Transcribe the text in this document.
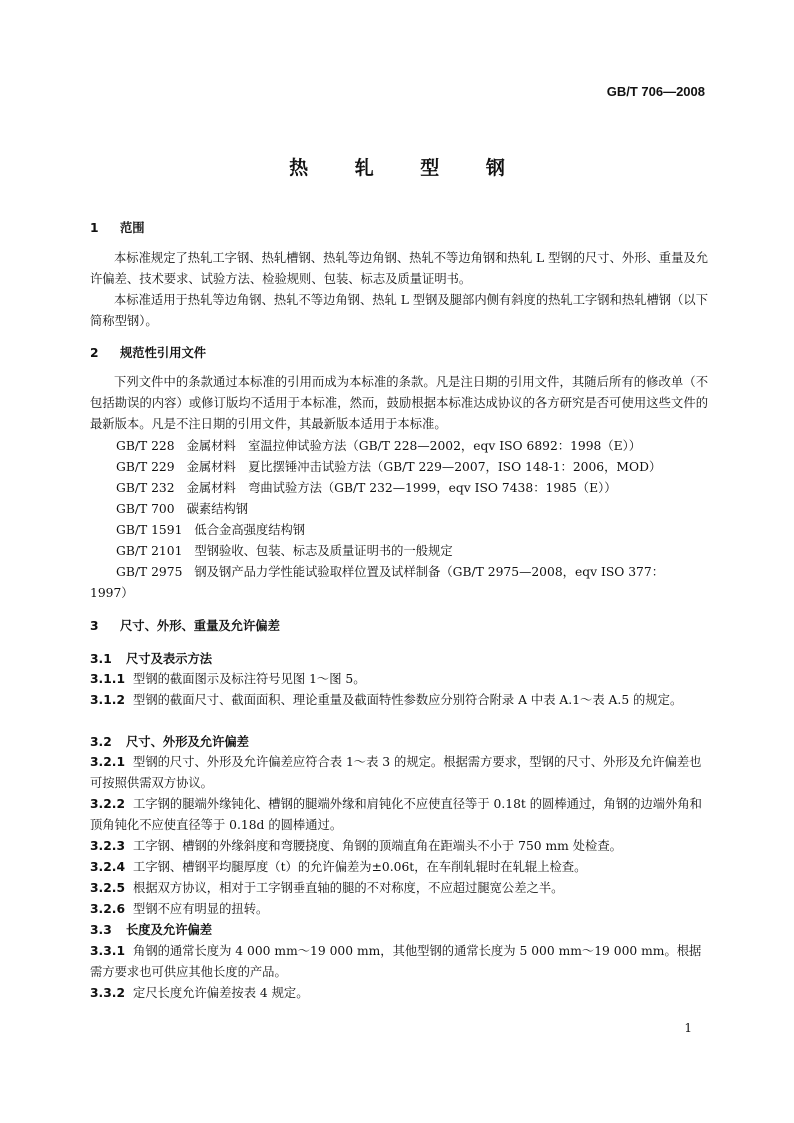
GB/T 706—2008
热 轧 型 钢
1 范围
本标准规定了热轧工字钢、热轧槽钢、热轧等边角钢、热轧不等边角钢和热轧 L 型钢的尺寸、外形、重量及允许偏差、技术要求、试验方法、检验规则、包装、标志及质量证明书。
本标准适用于热轧等边角钢、热轧不等边角钢、热轧 L 型钢及腿部内侧有斜度的热轧工字钢和热轧槽钢（以下简称型钢）。
2 规范性引用文件
下列文件中的条款通过本标准的引用而成为本标准的条款。凡是注日期的引用文件，其随后所有的修改单（不包括勘误的内容）或修订版均不适用于本标准，然而，鼓励根据本标准达成协议的各方研究是否可使用这些文件的最新版本。凡是不注日期的引用文件，其最新版本适用于本标准。
GB/T 228 金属材料　室温拉伸试验方法（GB/T 228—2002，eqv ISO 6892：1998（E））
GB/T 229 金属材料　夏比摆锤冲击试验方法（GB/T 229—2007，ISO 148-1：2006，MOD）
GB/T 232 金属材料　弯曲试验方法（GB/T 232—1999，eqv ISO 7438：1985（E））
GB/T 700 碳素结构钢
GB/T 1591 低合金高强度结构钢
GB/T 2101 型钢验收、包装、标志及质量证明书的一般规定
GB/T 2975 钢及钢产品力学性能试验取样位置及试样制备（GB/T 2975—2008，eqv ISO 377：
1997）
3 尺寸、外形、重量及允许偏差
3.1 尺寸及表示方法
3.1.1 型钢的截面图示及标注符号见图 1～图 5。
3.1.2 型钢的截面尺寸、截面面积、理论重量及截面特性参数应分别符合附录 A 中表 A.1～表 A.5 的规定。
3.2 尺寸、外形及允许偏差
3.2.1 型钢的尺寸、外形及允许偏差应符合表 1～表 3 的规定。根据需方要求，型钢的尺寸、外形及允许偏差也可按照供需双方协议。
3.2.2 工字钢的腿端外缘钝化、槽钢的腿端外缘和肩钝化不应使直径等于 0.18t 的圆棒通过，角钢的边端外角和顶角钝化不应使直径等于 0.18d 的圆棒通过。
3.2.3 工字钢、槽钢的外缘斜度和弯腰挠度、角钢的顶端直角在距端头不小于 750 mm 处检查。
3.2.4 工字钢、槽钢平均腿厚度（t）的允许偏差为±0.06t，在车削轧辊时在轧辊上检查。
3.2.5 根据双方协议，相对于工字钢垂直轴的腿的不对称度，不应超过腿宽公差之半。
3.2.6 型钢不应有明显的扭转。
3.3 长度及允许偏差
3.3.1 角钢的通常长度为 4 000 mm～19 000 mm，其他型钢的通常长度为 5 000 mm～19 000 mm。根据需方要求也可供应其他长度的产品。
3.3.2 定尺长度允许偏差按表 4 规定。
1
